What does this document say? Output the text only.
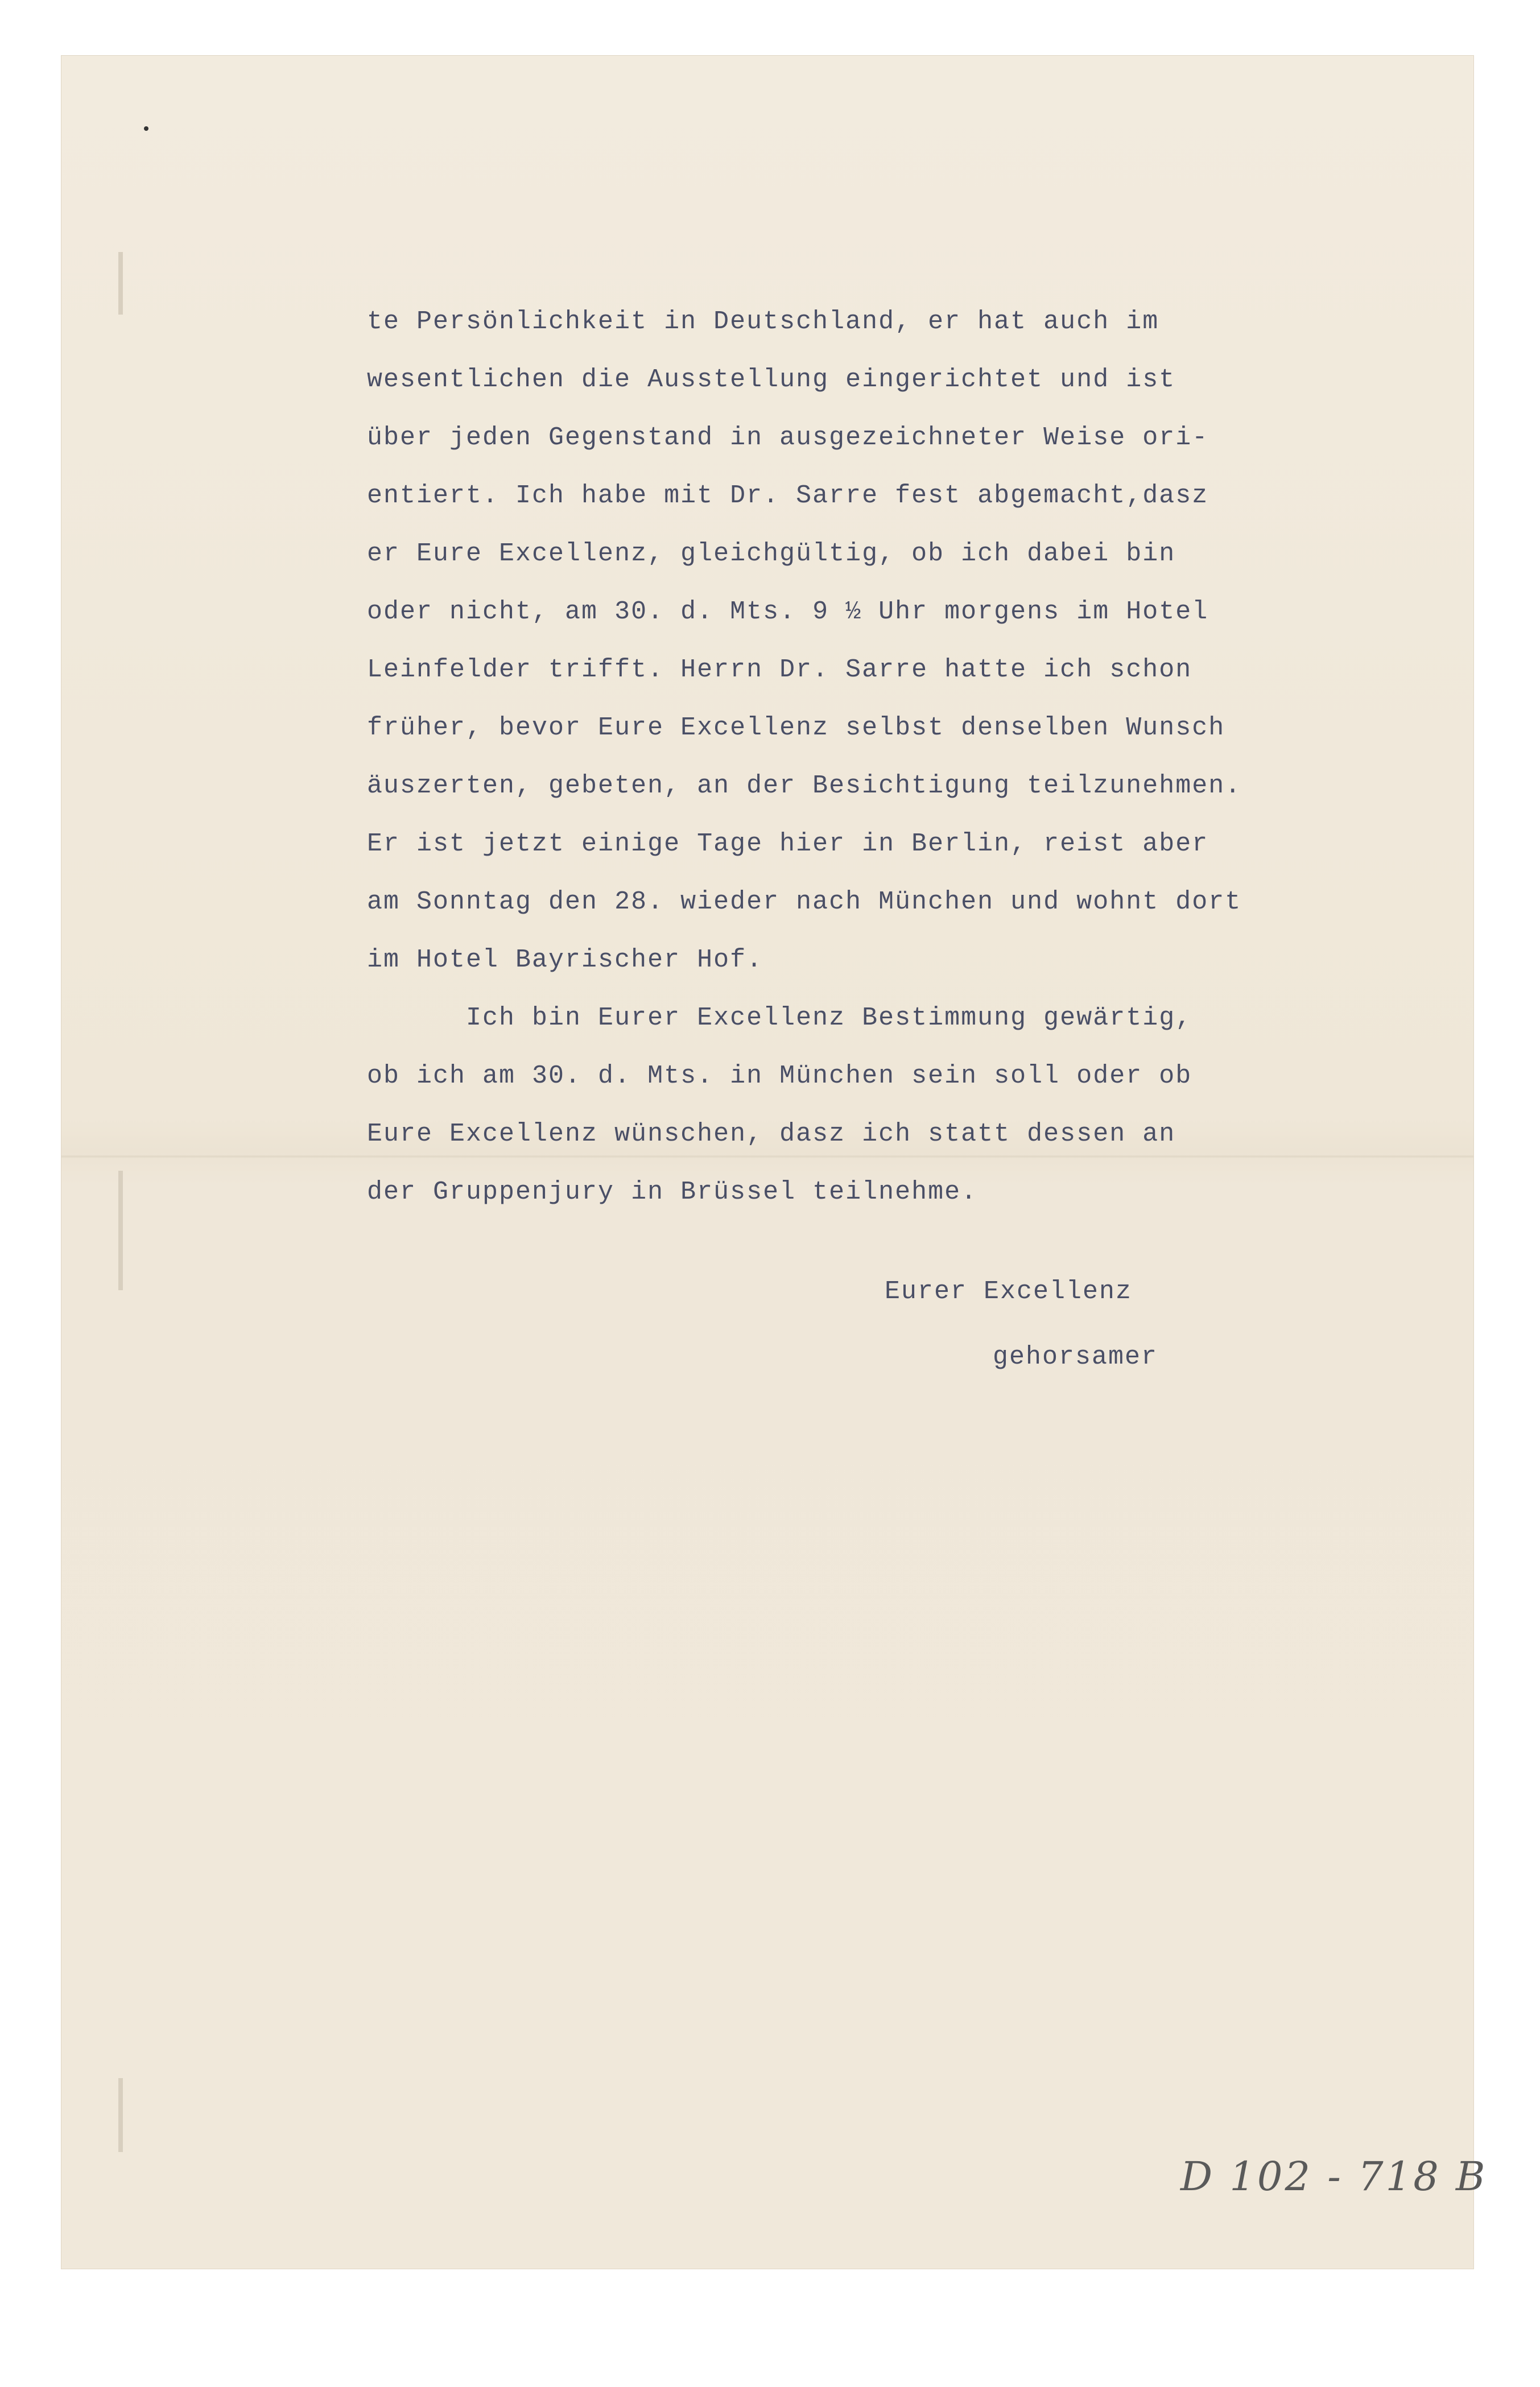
te Persönlichkeit in Deutschland, er hat auch im
wesentlichen die Ausstellung eingerichtet und ist
über jeden Gegenstand in ausgezeichneter Weise ori-
entiert. Ich habe mit Dr. Sarre fest abgemacht,dasz
er Eure Excellenz, gleichgültig, ob ich dabei bin
oder nicht, am 30. d. Mts. 9 ½ Uhr morgens im Hotel
Leinfelder trifft. Herrn Dr. Sarre hatte ich schon
früher, bevor Eure Excellenz selbst denselben Wunsch
äuszerten, gebeten, an der Besichtigung teilzunehmen.
Er ist jetzt einige Tage hier in Berlin, reist aber
am Sonntag den 28. wieder nach München und wohnt dort
im Hotel Bayrischer Hof.
Ich bin Eurer Excellenz Bestimmung gewärtig,
ob ich am 30. d. Mts. in München sein soll oder ob
Eure Excellenz wünschen, dasz ich statt dessen an
der Gruppenjury in Brüssel teilnehme.
Eurer Excellenz
gehorsamer
D 102 - 718 B
